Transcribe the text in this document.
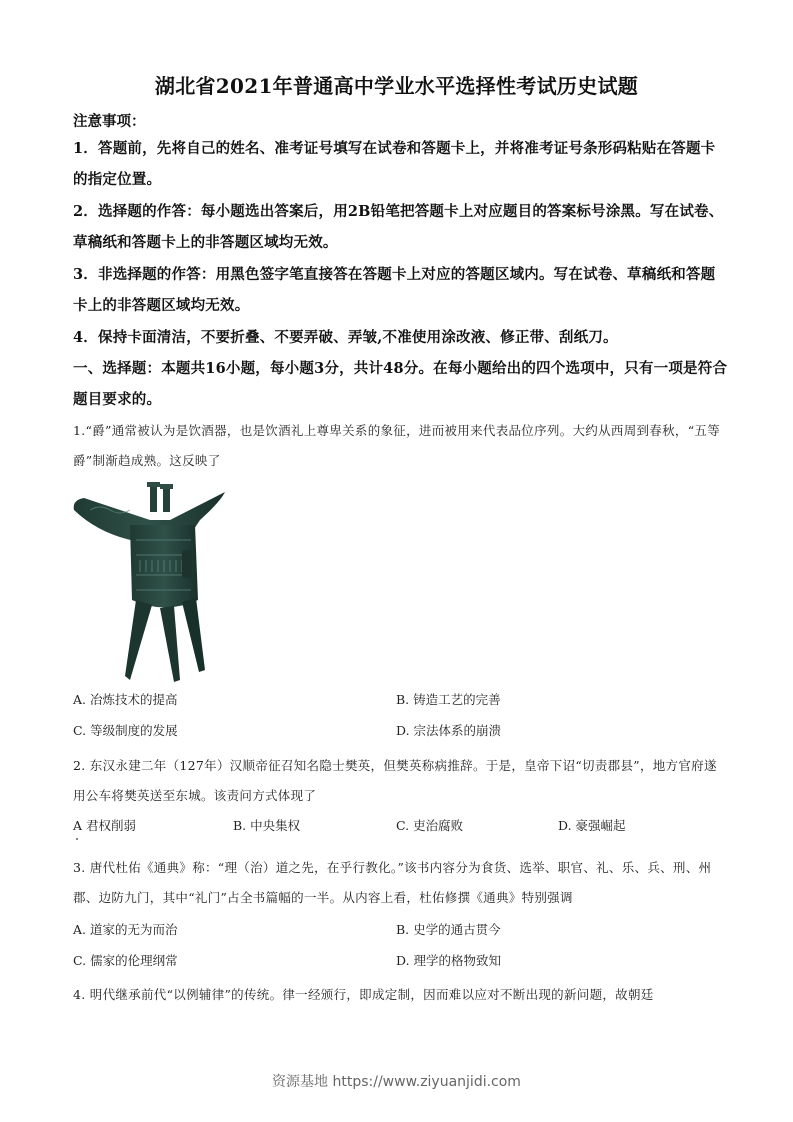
湖北省2021年普通高中学业水平选择性考试历史试题
注意事项：
1．答题前，先将自己的姓名、准考证号填写在试卷和答题卡上，并将准考证号条形码粘贴在答题卡的指定位置。
2．选择题的作答：每小题选出答案后，用2B铅笔把答题卡上对应题目的答案标号涂黑。写在试卷、草稿纸和答题卡上的非答题区域均无效。
3．非选择题的作答：用黑色签字笔直接答在答题卡上对应的答题区域内。写在试卷、草稿纸和答题卡上的非答题区域均无效。
4．保持卡面清洁，不要折叠、不要弄破、弄皱,不准使用涂改液、修正带、刮纸刀。
一、选择题：本题共16小题，每小题3分，共计48分。在每小题给出的四个选项中，只有一项是符合题目要求的。
1.“爵”通常被认为是饮酒器，也是饮酒礼上尊卑关系的象征，进而被用来代表品位序列。大约从西周到春秋，“五等爵”制渐趋成熟。这反映了
A. 冶炼技术的提高	B. 铸造工艺的完善
C. 等级制度的发展	D. 宗法体系的崩溃
2. 东汉永建二年（127年）汉顺帝征召知名隐士樊英，但樊英称病推辞。于是，皇帝下诏“切责郡县”，地方官府遂用公车将樊英送至东城。该责问方式体现了
A 君权削弱	B. 中央集权	C. 吏治腐败	D. 豪强崛起
3. 唐代杜佑《通典》称：“理（治）道之先，在乎行教化。”该书内容分为食货、选举、职官、礼、乐、兵、刑、州郡、边防九门，其中“礼门”占全书篇幅的一半。从内容上看，杜佑修撰《通典》特别强调
A. 道家的无为而治	B. 史学的通古贯今
C. 儒家的伦理纲常	D. 理学的格物致知
4. 明代继承前代“以例辅律”的传统。律一经颁行，即成定制，因而难以应对不断出现的新问题，故朝廷
资源基地 https://www.ziyuanjidi.com
